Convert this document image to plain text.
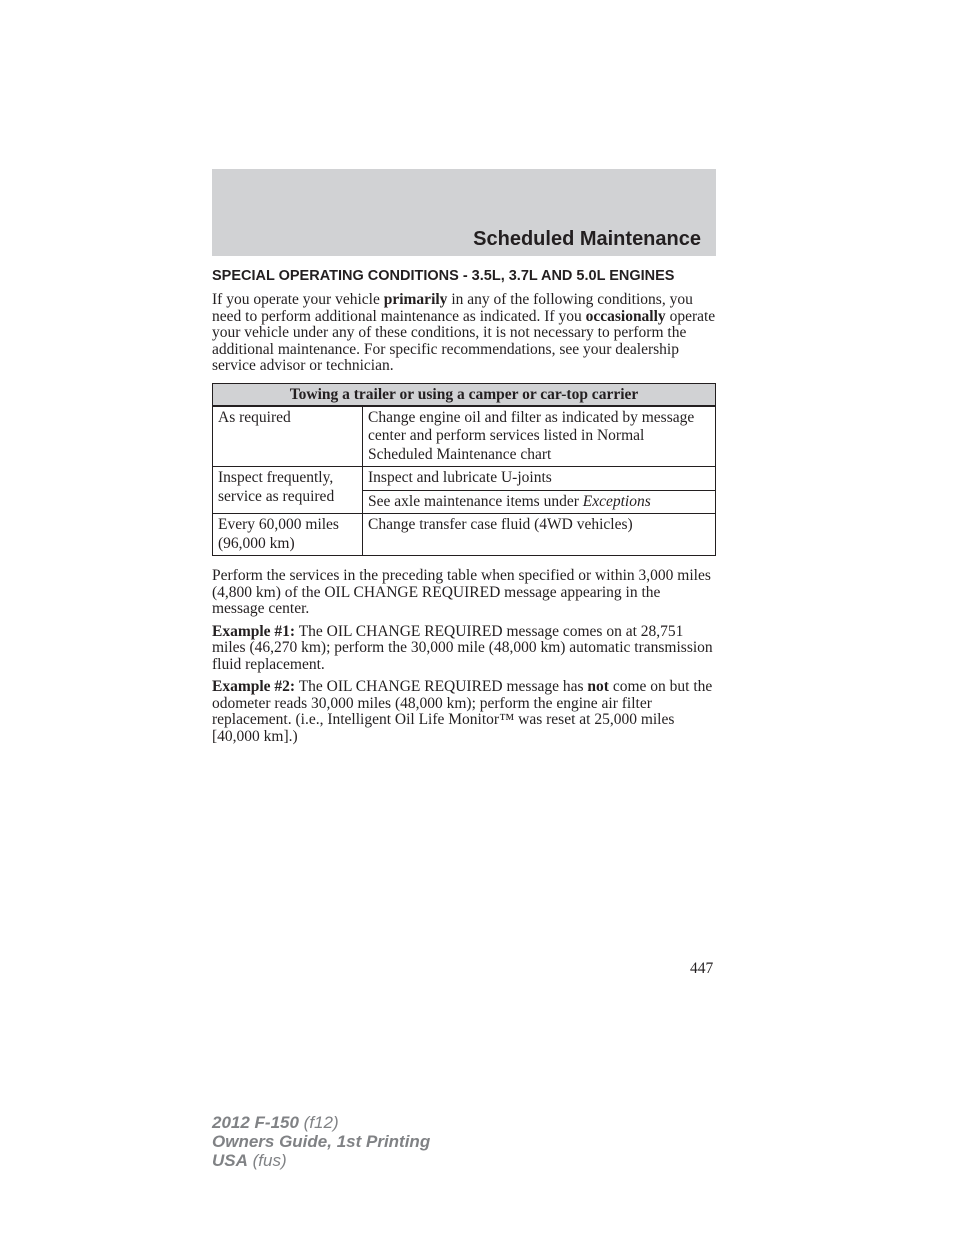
Scheduled Maintenance
SPECIAL OPERATING CONDITIONS - 3.5L, 3.7L AND 5.0L ENGINES

If you operate your vehicle primarily in any of the following conditions, you need to perform additional maintenance as indicated. If you occasionally operate your vehicle under any of these conditions, it is not necessary to perform the additional maintenance. For specific recommendations, see your dealership service advisor or technician.

Towing a trailer or using a camper or car-top carrier	
As required	Change engine oil and filter as indicated by message center and perform services listed in Normal Scheduled Maintenance chart
Inspect frequently, service as required	Inspect and lubricate U-joints
	See axle maintenance items under Exceptions
Every 60,000 miles (96,000 km)	Change transfer case fluid (4WD vehicles)

Perform the services in the preceding table when specified or within 3,000 miles (4,800 km) of the OIL CHANGE REQUIRED message appearing in the message center.

Example #1: The OIL CHANGE REQUIRED message comes on at 28,751 miles (46,270 km); perform the 30,000 mile (48,000 km) automatic transmission fluid replacement.

Example #2: The OIL CHANGE REQUIRED message has not come on but the odometer reads 30,000 miles (48,000 km); perform the engine air filter replacement. (i.e., Intelligent Oil Life Monitor™ was reset at 25,000 miles [40,000 km].)

447
2012 F-150 (f12)
Owners Guide, 1st Printing
USA (fus)
